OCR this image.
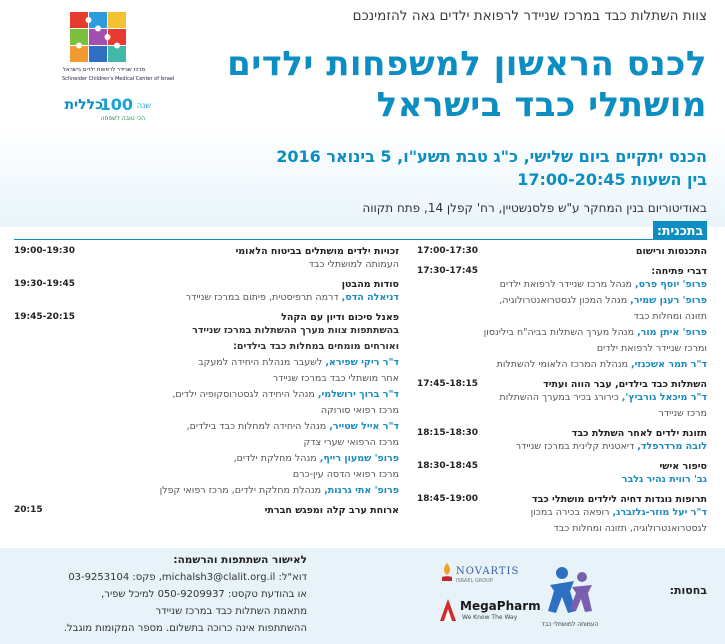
צוות השתלות כבד במרכז שניידר לרפואת ילדים גאה להזמינכם
לכנס הראשון למשפחות ילדים
מושתלי כבד בישראל
מרכז שניידר לרפואת ילדים בישראל
Schneider Children's Medical Center of Israel
כללית
100 שנה
הכי טובה לשפחה
הכנס יתקיים ביום שלישי, כ"ג טבת תשע"ו, 5 בינואר 2016
בין השעות 17:00-20:45
באודיטוריום בנין המחקר ע"ש פלסנשטיין, רח' קפלן 14, פתח תקווה
בתכנית:
17:00-17:30	התכנסות ורישום
17:30-17:45	דברי פתיחה:
פרופ' יוסף פרס, מנהל מרכז שניידר לרפואת ילדים
פרופ' רענן שמיר, מנהל המכון לגסטרואנטרולוגיה,
תזונה ומחלות כבד
פרופ' איתן מור, מנהל מערך השתלות בביה"ח בילינסון
ומרכז שניידר לרפואת ילדים
ד"ר תמר אשכנזי, מנהלת המרכז הלאומי להשתלות
17:45-18:15	השתלות כבד בילדים, עבר הווה ועתיד
ד"ר מיכאל גורביץ', כירורג בכיר במערך ההשתלות
מרכז שניידר
18:15-18:30	תזונת ילדים לאחר השתלת כבד
לובה מרדרפלד, דיאטנית קלינית במרכז שניידר
18:30-18:45	סיפור אישי
גב' רווית נהיר גלבר
18:45-19:00	תרופות נוגדות דחיה לילדים מושתלי כבד
ד"ר יעל מוזר-גלזברג, רופאה בכירה במכון
לגסטרואנטרולוגיה, תזונה ומחלות כבד
19:00-19:30	זכויות ילדים מושתלים בביטוח הלאומי
העמותה למושתלי כבד
19:30-19:45	סודות מהבטן
דניאלה הדס, דרמה תרפיסטית, פיתום במרכז שניידר
19:45-20:15	פאנל סיכום ודיון עם הקהל
בהשתתפות צוות מערך ההשתלות במרכז שניידר
ואורחים מומחים במחלות כבד בילדים:
ד"ר ריקי שפירא, לשעבר מנהלת היחידה למעקב
אחר מושתלי כבד במרכז שניידר
ד"ר ברוך ירושלמי, מנהל היחידה לגסטרוסקופיה ילדים,
מרכז רפואי סורוקה
ד"ר אייל שטייר, מנהל היחידה למחלות כבד בילדים,
מרכז הרפואי שערי צדק
פרופ' שמעון רייף, מנהל מחלקת ילדים,
מרכז רפואי הדסה עין-כרם
פרופ' אתי גרנות, מנהלת מחלקת ילדים, מרכז רפואי קפלן
20:15	ארוחת ערב קלה ומפגש חברתי
לאישור השתתפות והרשמה:
דוא"ל: michalsh3@clalit.org.il, פקס: 03-9253104
או בהודעת טקסט: 050-9209937 למיכל שפיר,
מתאמת השתלות כבד במרכז שניידר
ההשתתפות אינה כרוכה בתשלום. מספר המקומות מוגבל.
בחסות:
העמותה למושתלי כבד
NOVARTIS
ISRAEL GROUP
MegaPharm
We Know The Way
